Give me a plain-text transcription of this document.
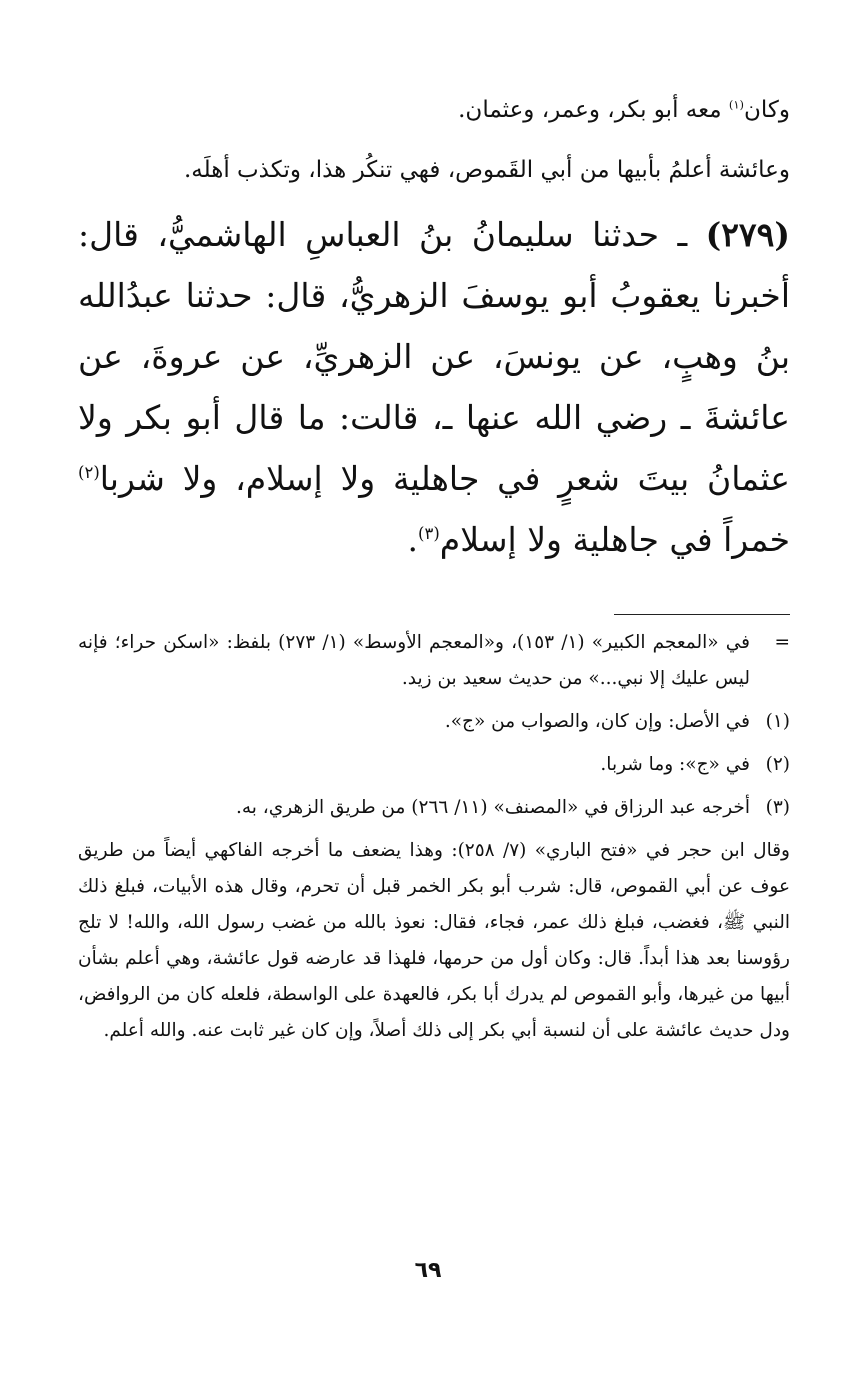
وكان$^{(١)}$ معه أبو بكر، وعمر، وعثمان.

وعائشة أعلمُ بأبيها من أبي القَموص، فهي تنكُر هذا، وتكذب أهلَه.

(٢٧٩) ـ حدثنا سليمانُ بنُ العباسِ الهاشميُّ، قال: أخبرنا يعقوبُ أبو يوسفَ الزهريُّ، قال: حدثنا عبدُالله بنُ وهبٍ، عن يونسَ، عن الزهريِّ، عن عروةَ، عن عائشةَ ـ رضي الله عنها ـ، قالت: ما قال أبو بكر ولا عثمانُ بيتَ شعرٍ في جاهلية ولا إسلام، ولا شربا$^{(٢)}$ خمراً في جاهلية ولا إسلام$^{(٣)}$.

=
في «المعجم الكبير» (١/ ١٥٣)، و«المعجم الأوسط» (١/ ٢٧٣) بلفظ: «اسكن حراء؛ فإنه ليس عليك إلا نبي...» من حديث سعيد بن زيد.
(١)
في الأصل: وإن كان، والصواب من «ج».
(٢)
في «ج»: وما شربا.
(٣)
أخرجه عبد الرزاق في «المصنف» (١١/ ٢٦٦) من طريق الزهري، به.
وقال ابن حجر في «فتح الباري» (٧/ ٢٥٨): وهذا يضعف ما أخرجه الفاكهي أيضاً من طريق عوف عن أبي القموص، قال: شرب أبو بكر الخمر قبل أن تحرم، وقال هذه الأبيات، فبلغ ذلك النبي ﷺ، فغضب، فبلغ ذلك عمر، فجاء، فقال: نعوذ بالله من غضب رسول الله، والله! لا تلج رؤوسنا بعد هذا أبداً. قال: وكان أول من حرمها، فلهذا قد عارضه قول عائشة، وهي أعلم بشأن أبيها من غيرها، وأبو القموص لم يدرك أبا بكر، فالعهدة على الواسطة، فلعله كان من الروافض، ودل حديث عائشة على أن لنسبة أبي بكر إلى ذلك أصلاً، وإن كان غير ثابت عنه. والله أعلم.
٦٩
